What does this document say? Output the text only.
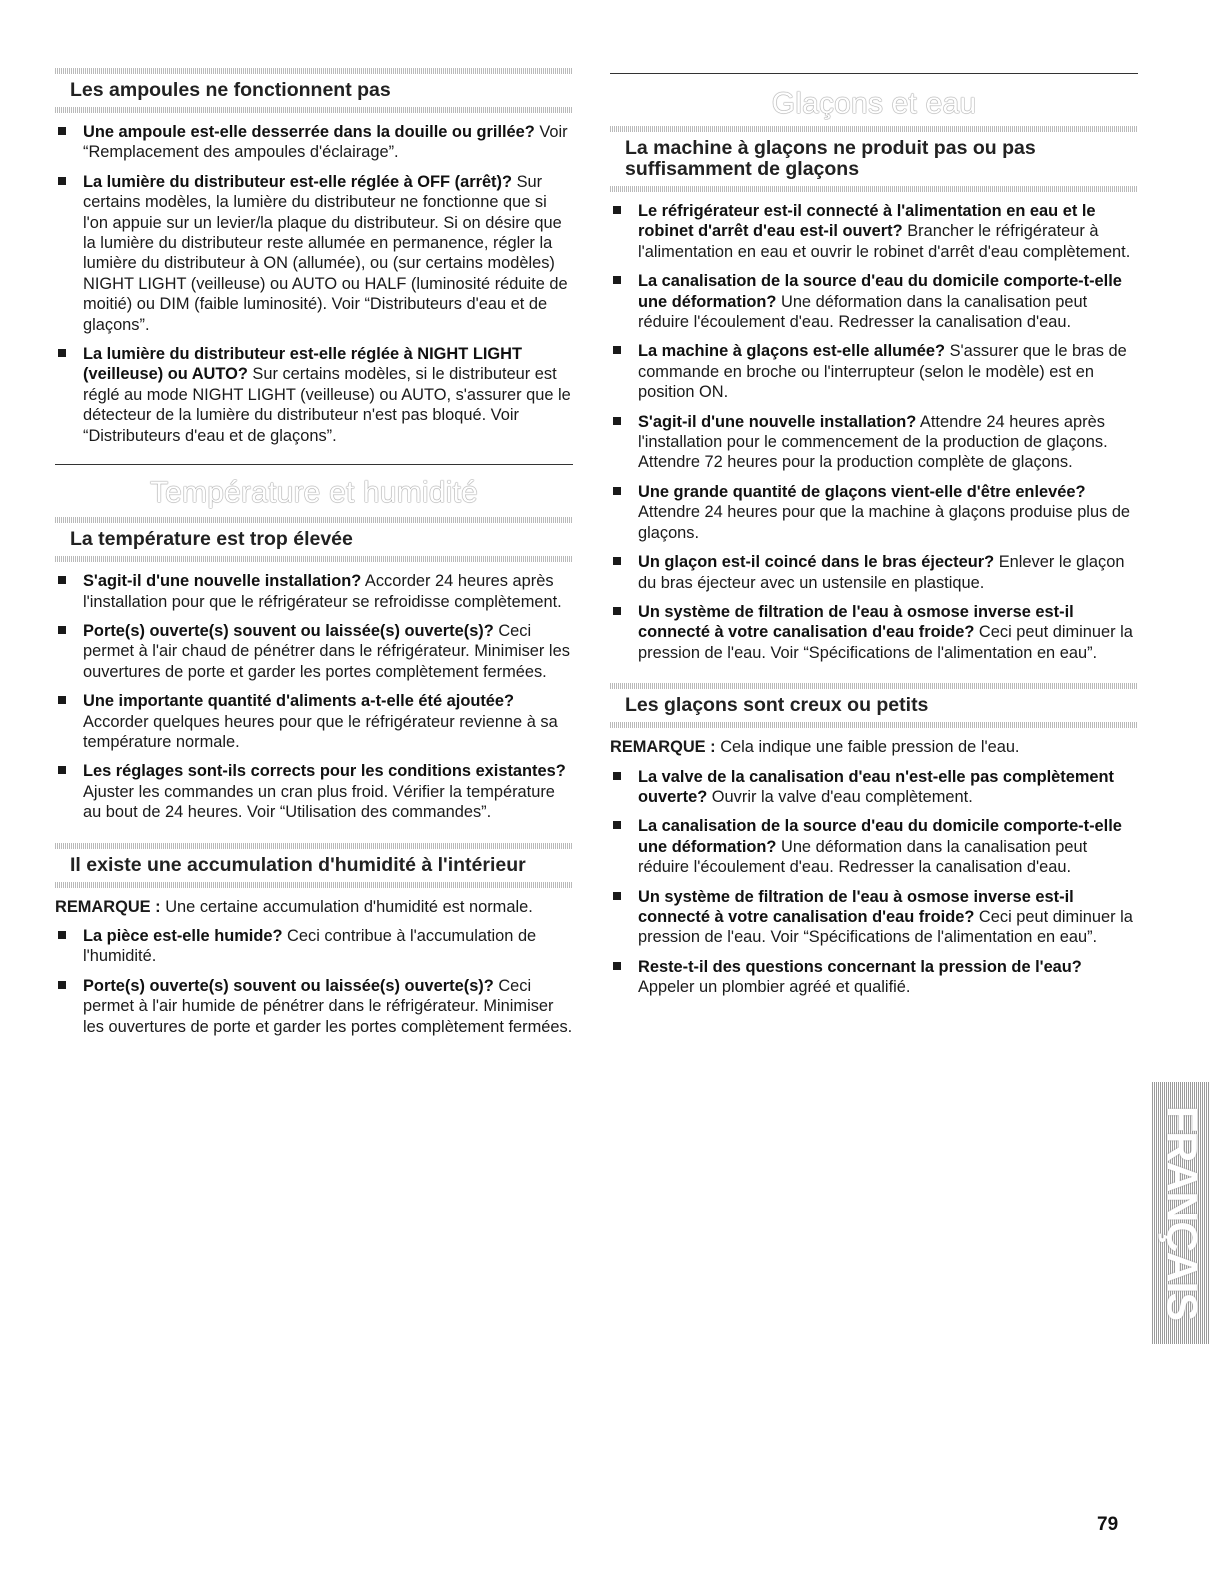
Les ampoules ne fonctionnent pas
Une ampoule est-elle desserrée dans la douille ou grillée? Voir “Remplacement des ampoules d'éclairage”.
La lumière du distributeur est-elle réglée à OFF (arrêt)? Sur certains modèles, la lumière du distributeur ne fonctionne que si l'on appuie sur un levier/la plaque du distributeur. Si on désire que la lumière du distributeur reste allumée en permanence, régler la lumière du distributeur à ON (allumée), ou (sur certains modèles) NIGHT LIGHT (veilleuse) ou AUTO ou HALF (luminosité réduite de moitié) ou DIM (faible luminosité). Voir “Distributeurs d'eau et de glaçons”.
La lumière du distributeur est-elle réglée à NIGHT LIGHT (veilleuse) ou AUTO? Sur certains modèles, si le distributeur est réglé au mode NIGHT LIGHT (veilleuse) ou AUTO, s'assurer que le détecteur de la lumière du distributeur n'est pas bloqué. Voir “Distributeurs d'eau et de glaçons”.
Température et humidité
La température est trop élevée
S'agit-il d'une nouvelle installation? Accorder 24 heures après l'installation pour que le réfrigérateur se refroidisse complètement.
Porte(s) ouverte(s) souvent ou laissée(s) ouverte(s)? Ceci permet à l'air chaud de pénétrer dans le réfrigérateur. Minimiser les ouvertures de porte et garder les portes complètement fermées.
Une importante quantité d'aliments a-t-elle été ajoutée? Accorder quelques heures pour que le réfrigérateur revienne à sa température normale.
Les réglages sont-ils corrects pour les conditions existantes? Ajuster les commandes un cran plus froid. Vérifier la température au bout de 24 heures. Voir “Utilisation des commandes”.
Il existe une accumulation d'humidité à l'intérieur
REMARQUE : Une certaine accumulation d'humidité est normale.
La pièce est-elle humide? Ceci contribue à l'accumulation de l'humidité.
Porte(s) ouverte(s) souvent ou laissée(s) ouverte(s)? Ceci permet à l'air humide de pénétrer dans le réfrigérateur. Minimiser les ouvertures de porte et garder les portes complètement fermées.
Glaçons et eau
La machine à glaçons ne produit pas ou pas suffisamment de glaçons
Le réfrigérateur est-il connecté à l'alimentation en eau et le robinet d'arrêt d'eau est-il ouvert? Brancher le réfrigérateur à l'alimentation en eau et ouvrir le robinet d'arrêt d'eau complètement.
La canalisation de la source d'eau du domicile comporte-t-elle une déformation? Une déformation dans la canalisation peut réduire l'écoulement d'eau. Redresser la canalisation d'eau.
La machine à glaçons est-elle allumée? S'assurer que le bras de commande en broche ou l'interrupteur (selon le modèle) est en position ON.
S'agit-il d'une nouvelle installation? Attendre 24 heures après l'installation pour le commencement de la production de glaçons. Attendre 72 heures pour la production complète de glaçons.
Une grande quantité de glaçons vient-elle d'être enlevée? Attendre 24 heures pour que la machine à glaçons produise plus de glaçons.
Un glaçon est-il coincé dans le bras éjecteur? Enlever le glaçon du bras éjecteur avec un ustensile en plastique.
Un système de filtration de l'eau à osmose inverse est-il connecté à votre canalisation d'eau froide? Ceci peut diminuer la pression de l'eau. Voir “Spécifications de l'alimentation en eau”.
Les glaçons sont creux ou petits
REMARQUE : Cela indique une faible pression de l'eau.
La valve de la canalisation d'eau n'est-elle pas complètement ouverte? Ouvrir la valve d'eau complètement.
La canalisation de la source d'eau du domicile comporte-t-elle une déformation? Une déformation dans la canalisation peut réduire l'écoulement d'eau. Redresser la canalisation d'eau.
Un système de filtration de l'eau à osmose inverse est-il connecté à votre canalisation d'eau froide? Ceci peut diminuer la pression de l'eau. Voir “Spécifications de l'alimentation en eau”.
Reste-t-il des questions concernant la pression de l'eau? Appeler un plombier agréé et qualifié.
FRANÇAIS
79
